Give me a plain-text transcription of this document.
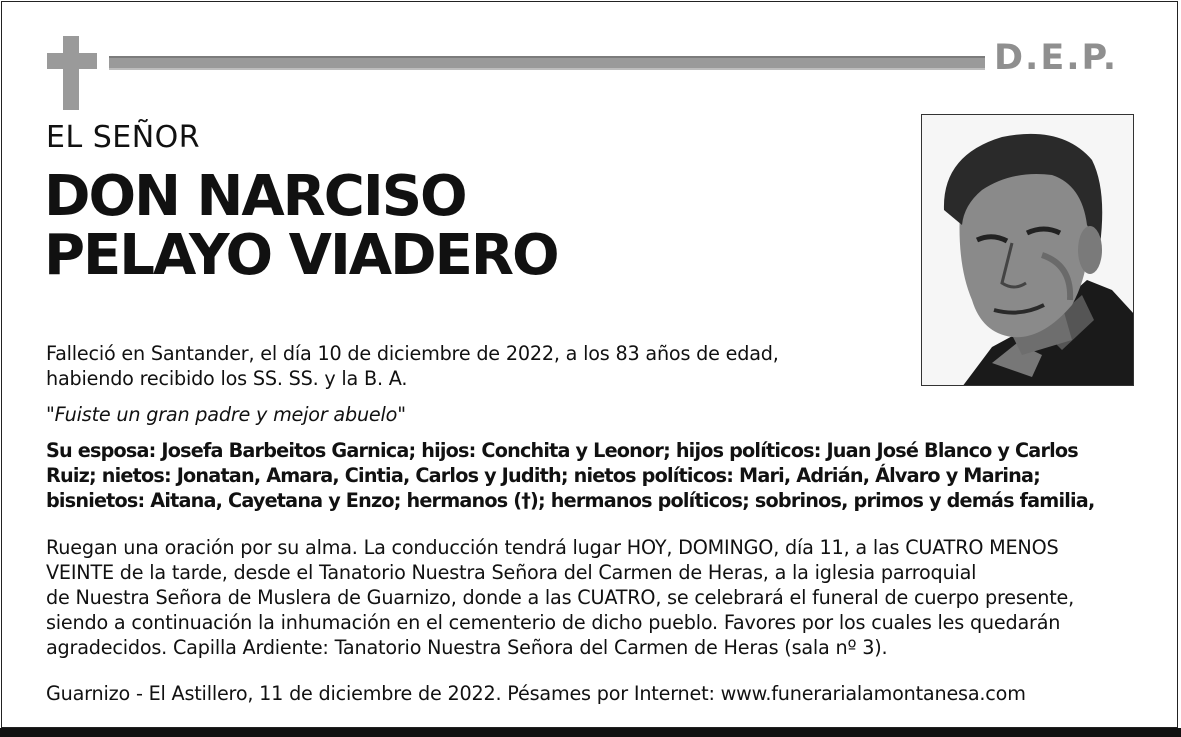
D.E.P.
EL SEÑOR
DON NARCISO
PELAYO VIADERO
Falleció en Santander, el día 10 de diciembre de 2022, a los 83 años de edad,
habiendo recibido los SS. SS. y la B. A.
"Fuiste un gran padre y mejor abuelo"
Su esposa: Josefa Barbeitos Garnica; hijos: Conchita y Leonor; hijos políticos: Juan José Blanco y Carlos
Ruiz; nietos: Jonatan, Amara, Cintia, Carlos y Judith; nietos políticos: Mari, Adrián, Álvaro y Marina;
bisnietos: Aitana, Cayetana y Enzo; hermanos (†); hermanos políticos; sobrinos, primos y demás familia,
Ruegan una oración por su alma. La conducción tendrá lugar HOY, DOMINGO, día 11, a las CUATRO MENOS
VEINTE de la tarde, desde el Tanatorio Nuestra Señora del Carmen de Heras, a la iglesia parroquial
de Nuestra Señora de Muslera de Guarnizo, donde a las CUATRO, se celebrará el funeral de cuerpo presente,
siendo a continuación la inhumación en el cementerio de dicho pueblo. Favores por los cuales les quedarán
agradecidos. Capilla Ardiente: Tanatorio Nuestra Señora del Carmen de Heras (sala nº 3).
Guarnizo - El Astillero, 11 de diciembre de 2022. Pésames por Internet: www.funerarialamontanesa.com
